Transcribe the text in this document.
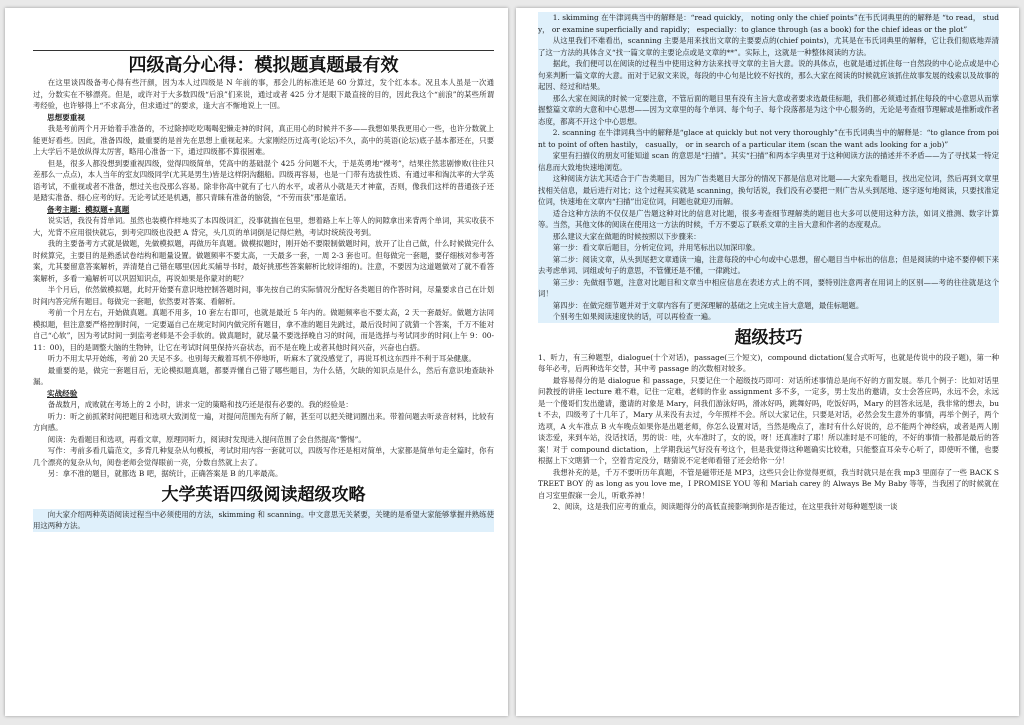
四级高分心得：模拟题真题最有效

在这里谈四级备考心得有些汗颜，因为本人过四级是 N 年前的事，那会儿的标准还是 60 分算过，发个红本本。况且本人虽是一次通过，分数实在不够漂亮。但是，或许对于大多数四级“后浪”们来说，通过或者 425 分才是眼下最直接的目的，因此我这个“前浪”的某些所谓考经验，也许够得上“不求高分，但求通过”的要求，逢大言不惭地说上一回。

思想要重视

我是考前两个月开始着手准备的，不过除掉吃吃喝喝犯懒走神的时间，真正用心的时候并不多——我想如果我更用心一些，也许分数就上能更好看些。因此，准备四级，最重要的是首先在思想上重视起来。大家刚经历过高考(论坛)不久，高中的英语(论坛)底子基本都还在，只要上大学后不是放纵得太厉害，略用心准备一下，通过四级都不算很困难。

但是，很多人都没想到要重视四级，觉得四级简单，凭高中的基础混个 425 分问题不大，于是英勇地“裸考”，结果往然悲剧惨败(往往只差那么一点点)，本人当年的室友四级同学(尤其是男生)皆是这样阴沟翻船。四级再容易，也是一门带有选拔性质、有通过率和淘汰率的大学英语考试，不重视或者不准备，想过关也没那么容易。除非你高中就有了七八的水平，或者从小就是天才神童，否则，像我们这样的普通孩子还是踏实准备、细心应考的好。无论考试还是机遇，都只青睐有准备的脑袋，“不劳而获”那是童话。

备考主题：模拟题+真题

说实话，我没有背单词。虽然也装模作样地买了本四级词汇，没事就揣在包里，想着路上车上等人的间隙拿出来背两个单词，其实收获不大，光背不应用很快就忘，到考完四级也没把 A 背完，头几页的单词倒是记得烂熟，考试时统统没考到。

我的主要备考方式就是做题，先做模拟题，再做历年真题。做模拟题时，刚开始不要限制做题时间，放开了让自己做，什么时候做完什么时候算完，主要目的是熟悉试卷结构和题量设置。做题频率不要太高，一天最多一套，一周 2-3 套也可。但每做完一套题，要仔细核对参考答案，尤其要留意答案解析，弄清楚自己错在哪里(因此买辅导书时，最好挑那些答案解析比较详细的)。注意，不要因为这道题做对了就不看答案解析，多看一遍解析可以巩固知识点，再说如果是你蒙对的呢？

半个月后，依然做模拟题，此时开始要有意识地控制答题时间，事先按自己的实际情况分配好各类题目的作答时间，尽量要求自己在计划时间内答完所有题目。每做完一套题，依然要对答案、看解析。

考前一个月左右，开始做真题。真题不用多，10 套左右即可，也就是最近 5 年内的。做题频率也不要太高，2 天一套最好。做题方法同模拟题，但注意要严格控制时间，一定要逼自己在规定时间内做完所有题目，拿不准的题目先跳过，最后没时间了就猜一个答案，千万不能对自己“心软”，因为考试时间一到监考老师是不会手软的。做真题时，就尽量不要选择晚自习的时间，而是选择与考试同步的时间(上午 9：00-11：00)，目的是调整大脑的生物钟，让它在考试时间里保持兴奋状态，而不是在晚上或者其他时间兴奋，兴奋也白搭。

听力不用太早开始练，考前 20 天足不多。也别每天戴着耳机不停地听，听麻木了就没感觉了，再说耳机这东西并不利于耳朵健康。

最重要的是，做完一套题目后，无论模拟题真题，都要弄懂自己错了哪些题目，为什么错，欠缺的知识点是什么，然后有意识地查缺补漏。

实战经验

备战数月，成败就在考场上的 2 小时，讲求一定的策略和技巧还是很有必要的。我的经验是：

听力：听之前抓紧时间把题目和选项大致浏览一遍，对提问范围先有所了解，甚至可以把关键词圈出来。带着问题去听录音材料，比较有方向感。

阅读：先看题目和选项，再看文章，原理同听力，阅读时发现进入提问范围了会自然提高“警惕”。

写作：考前多看几篇范文，多背几种复杂从句模板，考试时用内容一套就可以，四级写作还是相对简单，大家都是简单句走全篇时，你有几个漂亮的复杂从句，阅卷老师会觉得眼前一亮，分数自然就上去了。

另：拿不准的题目，就都选 B 吧，据统计，正确答案是 B 的几率最高。

大学英语四级阅读超级攻略

向大家介绍两种英语阅读过程当中必须使用的方法，skimming 和 scanning。中文意思无关紧要，关键的是希望大家能够掌握并熟练使用这两种方法。

1. skimming 在牛津词典当中的解释是：“read quickly， noting only the chief points”在韦氏词典里的的解释是 “to read， study， or examine superficially and rapidly； especially：to glance through (as a book) for the chief ideas or the plot”

从这里我们不难看出，scanning 主要是用来找出文章的主要要点的(chief points)，尤其是在韦氏词典里的解释，它让我们彻底地弄清了这一方法的具体含义“找一篇文章的主要论点或是文章的**”。实际上，这就是一种整体阅读的方法。

据此，我们便可以在阅读的过程当中使用这种方法来找寻文章的主旨大意。说的具体点，也就是通过抓住每一自然段的中心论点或是中心句来判断一篇文章的大意。而对于记叙文来说，每段的中心句是比较不好找的，那么大家在阅读的时候就应该抓住故事发展的线索以及故事的起因、经过和结果。

那么大家在阅读的时候一定要注意，不管后面的题目里有没有主旨大意或者要求选最佳标题，我们都必须通过抓住每段的中心意思从而掌握整篇文章的大意和中心思想——因为文章里的每个单词、每个句子、每个段落都是为这个中心服务的，无论是考查细节理解或是推断或作者态度，都离不开这个中心思想。

2. scanning 在牛津词典当中的解释是“glace at quickly but not very thoroughly”在韦氏词典当中的解释是：“to glance from point to point of often hastily， casually， or in search of a particular item (scan the want ads looking for a job)”

家里有扫描仪的朋友可能知道 scan 的意思是“扫描”。其实“扫描”和两本字典里对于这种阅读方法的描述并不矛盾——为了寻找某一特定信息而大致地快速地浏览。

这种阅读方法尤其适合于广告类题目，因为广告类题目大部分的情况下都是信息对比题——大家先看题目，找出定位词，然后再到文章里找相关信息，最后进行对比；这个过程其实就是 scanning，换句话说，我们没有必要把一则广告从头到尾地、逐字逐句地阅读，只要找准定位词，快速地在文章内“扫描”出定位词，问题也就迎刃而解。

适合这种方法的不仅仅是广告题这种对比的信息对比题，很多考查细节理解类的题目也大多可以使用这种方法，如词义推测、数字计算等。当然，其他文体的阅读在使用这一方法的时候，千万不要忘了联系文章的主旨大意和作者的态度观点。

那么建议大家在做题的时候按照以下步骤来：

第一步：看文章后题目，分析定位词，并用笔标出以加深印象。

第二步：阅读文章，从头到尾把文章通读一遍，注意每段的中心句或中心思想，留心题目当中标出的信息；但是阅读的中途不要停顿下来去考虑单词、词组或句子的意思，不管懂还是不懂，一律跳过。

第三步：先做细节题，注意对比题目和文章当中相应信息在表述方式上的不同，要特别注意两者在用词上的区别——考的往往就是这个词！

第四步：在做完细节题并对于文章内容有了更深理解的基础之上完成主旨大意题，最佳标题题。

个别考生如果阅读速度快的话，可以再检查一遍。

超级技巧

1、听力，有三种题型，dialogue(十个对话)，passage(三个短文)，compound dictation(复合式听写，也就是传说中的段子题)，第一种每年必考，后两种选年交替，其中考 passage 的次数相对较多。

最容易得分的是 dialogue 和 passage，只要记住一个超级技巧即可：对话所述事情总是向不好的方面发展。举几个例子：比如对话里问教授的讲座 lecture 难不难，记住一定难，老师的作业 assignment 多不多，一定多，男士发出的邀请，女士会答应吗，永远不会，永远是一个傻哥们发出邀请，邀请的对象是 Mary，问我们游泳好吗，滑冰好吗，跳舞好吗，吃饭好吗，Mary 的回答永远是，我非常的想去，but 不去，四级考了十几年了，Mary 从来没有去过，今年照样不会。所以大家记住，只要是对话，必然会发生意外的事情，再举个例子，两个选项，A 火车准点 B 火车晚点如果你是出题老师，你怎么设置对话，当然是晚点了，准时有什么好说的，总不能两个神经病，或者是两人刚谈恋爱，来到车站，没话找话，男的说：哇，火车准时了，女的说，呀！还真准时了耶！所以准时是不可能的，不好的事情一般都是最后的答案！对于 compound dictation，上学期我运气好没有考这个，但是我觉得这种题确实比较难，只能整直耳朵专心听了，即使听不懂，也要根据上下文瞎猜一个，空着肯定没分，瞎猜说不定老师看错了还会给你一分！

我想补充的是，千万不要听历年真题，不管是磁带还是 MP3，这些只会让你觉得更烦，我当时就只是在我 mp3 里面存了一些 BACK STREET BOY 的 as long as you love me，I PROMISE YOU 等和 Mariah carey 的 Always Be My Baby 等等，当我困了的时候就在自习室里假寐一会儿，听歌养神！

2、阅读，这是我们应考的重点，阅读题得分的高低直接影响到你是否能过，在这里我针对每种题型谈一谈
